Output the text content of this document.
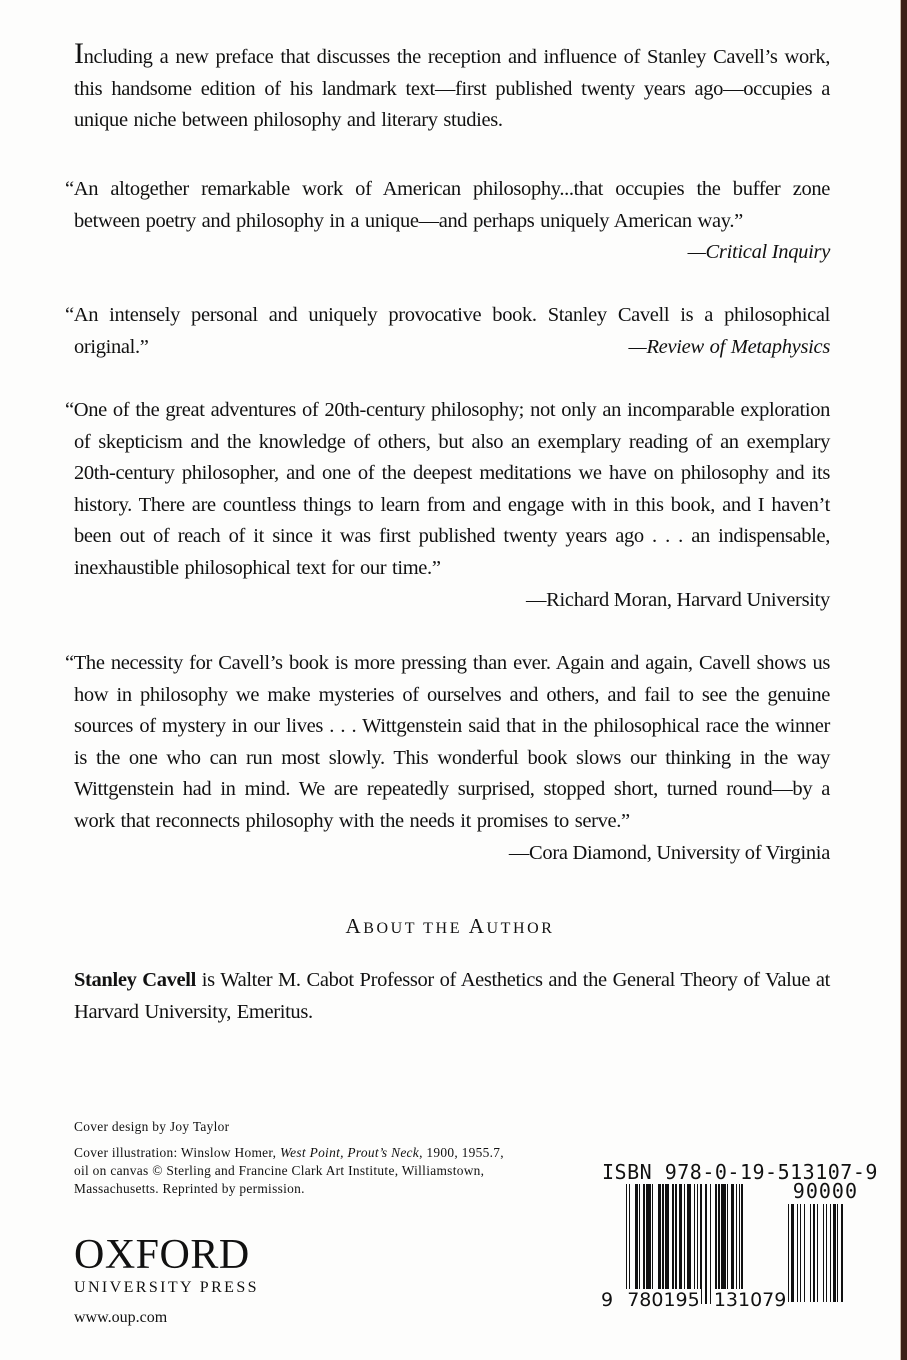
Including a new preface that discusses the reception and influence of Stanley Cavell’s work, this handsome edition of his landmark text—first published twenty years ago—occupies a unique niche between philosophy and literary studies.

“An altogether remarkable work of American philosophy...that occupies the buffer zone between poetry and philosophy in a unique—and perhaps uniquely American way.”

—Critical Inquiry

“An intensely personal and uniquely provocative book. Stanley Cavell is a philosophical original.”	—Review of Metaphysics

“One of the great adventures of 20th-century philosophy; not only an incomparable exploration of skepticism and the knowledge of others, but also an exemplary reading of an exemplary 20th-century philosopher, and one of the deepest meditations we have on philosophy and its history. There are countless things to learn from and engage with in this book, and I haven’t been out of reach of it since it was first published twenty years ago . . . an indispensable, inexhaustible philosophical text for our time.”

—Richard Moran, Harvard University

“The necessity for Cavell’s book is more pressing than ever. Again and again, Cavell shows us how in philosophy we make mysteries of ourselves and others, and fail to see the genuine sources of mystery in our lives . . . Wittgenstein said that in the philosophical race the winner is the one who can run most slowly. This wonderful book slows our thinking in the way Wittgenstein had in mind. We are repeatedly surprised, stopped short, turned round—by a work that reconnects philosophy with the needs it promises to serve.”

—Cora Diamond, University of Virginia

ABOUT THE AUTHOR

Stanley Cavell is Walter M. Cabot Professor of Aesthetics and the General Theory of Value at Harvard University, Emeritus.

Cover design by Joy Taylor

Cover illustration: Winslow Homer, West Point, Prout’s Neck, 1900, 1955.7, oil on canvas © Sterling and Francine Clark Art Institute, Williamstown, Massachusetts. Reprinted by permission.

OXFORD
UNIVERSITY PRESS
www.oup.com
ISBN 978-0-19-513107-9
90000
9 780195 131079
